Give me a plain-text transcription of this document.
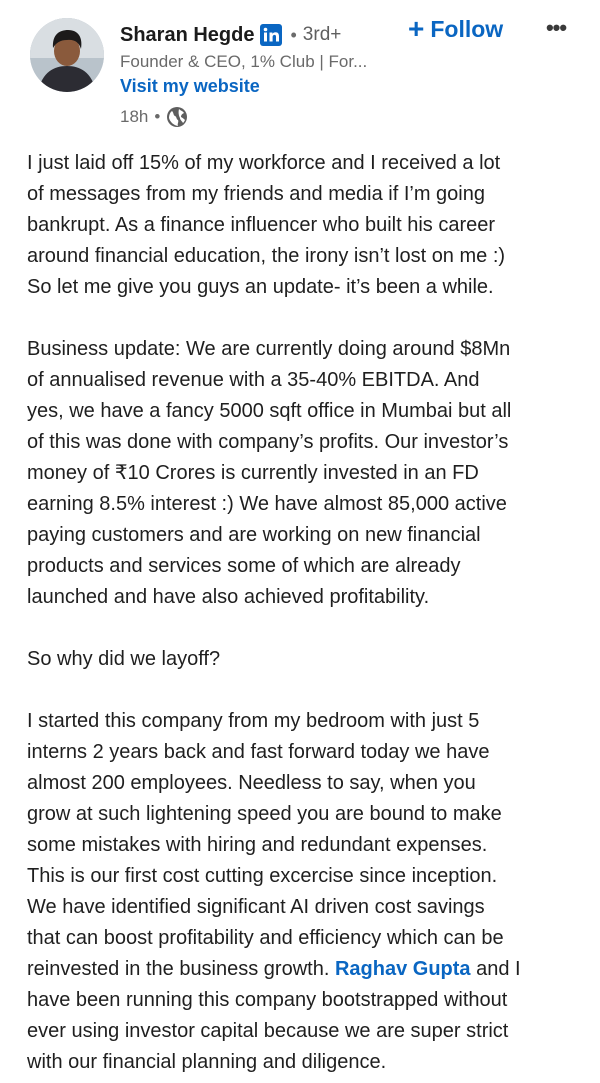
Sharan Hegde • 3rd+ + Follow	•••
Founder & CEO, 1% Club | For...
Visit my website
18h •
I just laid off 15% of my workforce and I received a lot
of messages from my friends and media if I’m going
bankrupt. As a finance influencer who built his career
around financial education, the irony isn’t lost on me :)
So let me give you guys an update- it’s been a while.
Business update: We are currently doing around $8Mn
of annualised revenue with a 35-40% EBITDA. And
yes, we have a fancy 5000 sqft office in Mumbai but all
of this was done with company’s profits. Our investor’s
money of ₹10 Crores is currently invested in an FD
earning 8.5% interest :) We have almost 85,000 active
paying customers and are working on new financial
products and services some of which are already
launched and have also achieved profitability.
So why did we layoff?
I started this company from my bedroom with just 5
interns 2 years back and fast forward today we have
almost 200 employees. Needless to say, when you
grow at such lightening speed you are bound to make
some mistakes with hiring and redundant expenses.
This is our first cost cutting excercise since inception.
We have identified significant AI driven cost savings
that can boost profitability and efficiency which can be
reinvested in the business growth. Raghav Gupta and I
have been running this company bootstrapped without
ever using investor capital because we are super strict
with our financial planning and diligence.
